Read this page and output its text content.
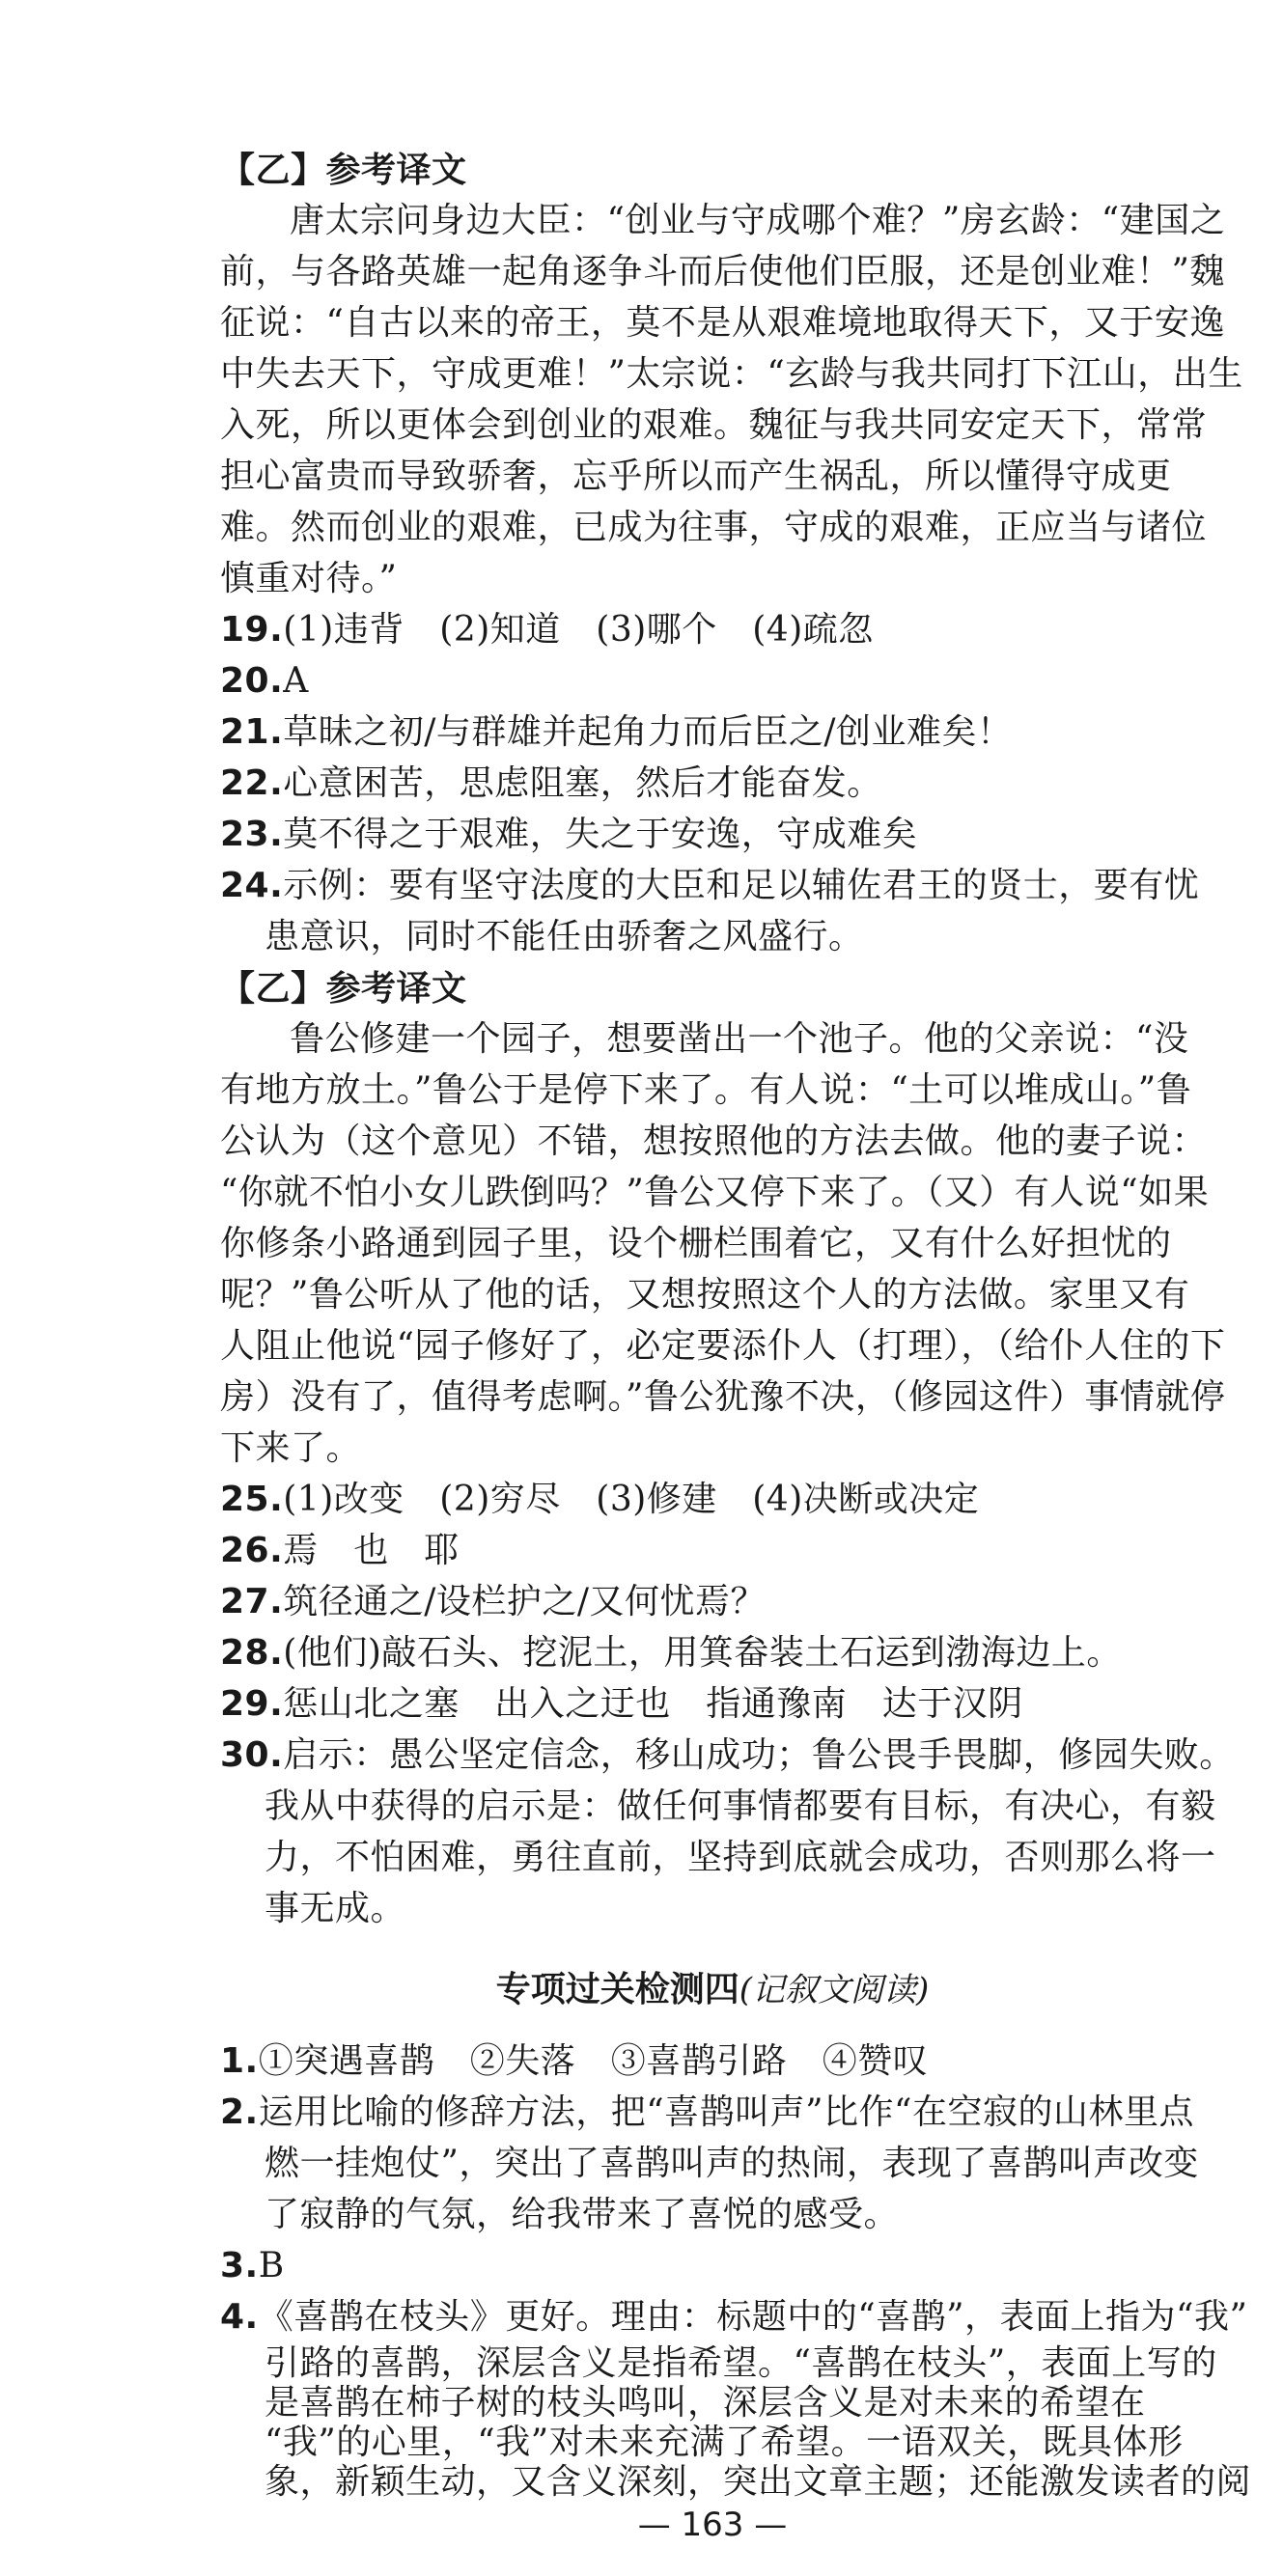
【乙】参考译文
唐太宗问身边大臣：“创业与守成哪个难？”房玄龄：“建国之
前，与各路英雄一起角逐争斗而后使他们臣服，还是创业难！”魏
征说：“自古以来的帝王，莫不是从艰难境地取得天下，又于安逸
中失去天下，守成更难！”太宗说：“玄龄与我共同打下江山，出生
入死，所以更体会到创业的艰难。魏征与我共同安定天下，常常
担心富贵而导致骄奢，忘乎所以而产生祸乱，所以懂得守成更
难。然而创业的艰难，已成为往事，守成的艰难，正应当与诸位
慎重对待。”
19.(1)违背　(2)知道　(3)哪个　(4)疏忽
20.A
21.草昧之初/与群雄并起角力而后臣之/创业难矣！
22.心意困苦，思虑阻塞，然后才能奋发。
23.莫不得之于艰难，失之于安逸，守成难矣
24.示例：要有坚守法度的大臣和足以辅佐君王的贤士，要有忧
患意识，同时不能任由骄奢之风盛行。
【乙】参考译文
鲁公修建一个园子，想要凿出一个池子。他的父亲说：“没
有地方放土。”鲁公于是停下来了。有人说：“土可以堆成山。”鲁
公认为（这个意见）不错，想按照他的方法去做。他的妻子说：
“你就不怕小女儿跌倒吗？”鲁公又停下来了。（又）有人说“如果
你修条小路通到园子里，设个栅栏围着它，又有什么好担忧的
呢？”鲁公听从了他的话，又想按照这个人的方法做。家里又有
人阻止他说“园子修好了，必定要添仆人（打理），（给仆人住的下
房）没有了，值得考虑啊。”鲁公犹豫不决，（修园这件）事情就停
下来了。
25.(1)改变　(2)穷尽　(3)修建　(4)决断或决定
26.焉　也　耶
27.筑径通之/设栏护之/又何忧焉？
28.(他们)敲石头、挖泥土，用箕畚装土石运到渤海边上。
29.惩山北之塞　出入之迂也　指通豫南　达于汉阴
30.启示：愚公坚定信念，移山成功；鲁公畏手畏脚，修园失败。
我从中获得的启示是：做任何事情都要有目标，有决心，有毅
力，不怕困难，勇往直前，坚持到底就会成功，否则那么将一
事无成。
专项过关检测四(记叙文阅读)
1.①突遇喜鹊　②失落　③喜鹊引路　④赞叹
2.运用比喻的修辞方法，把“喜鹊叫声”比作“在空寂的山林里点
燃一挂炮仗”，突出了喜鹊叫声的热闹，表现了喜鹊叫声改变
了寂静的气氛，给我带来了喜悦的感受。
3.B
4.《喜鹊在枝头》更好。理由：标题中的“喜鹊”，表面上指为“我”
引路的喜鹊，深层含义是指希望。“喜鹊在枝头”，表面上写的
是喜鹊在柿子树的枝头鸣叫，深层含义是对未来的希望在
“我”的心里，“我”对未来充满了希望。一语双关，既具体形
象，新颖生动，又含义深刻，突出文章主题；还能激发读者的阅
— 163 —
